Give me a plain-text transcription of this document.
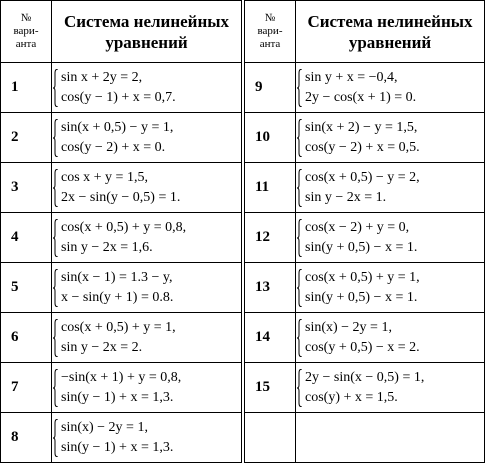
№
вари-
анта	Система нелинейных
уравнений

1	sin x + 2y = 2,
cos(y − 1) + x = 0,7.

2	sin(x + 0,5) − y = 1,
cos(y − 2) + x = 0.

3	cos x + y = 1,5,
2x − sin(y − 0,5) = 1.

4	cos(x + 0,5) + y = 0,8,
sin y − 2x = 1,6.

5	sin(x − 1) = 1.3 − y,
x − sin(y + 1) = 0.8.

6	cos(x + 0,5) + y = 1,
sin y − 2x = 2.

7	−sin(x + 1) + y = 0,8,
sin(y − 1) + x = 1,3.

8	sin(x) − 2y = 1,
sin(y − 1) + x = 1,3.
№
вари-
анта	Система нелинейных
уравнений

9	sin y + x = −0,4,
2y − cos(x + 1) = 0.

10	sin(x + 2) − y = 1,5,
cos(y − 2) + x = 0,5.

11	cos(x + 0,5) − y = 2,
sin y − 2x = 1.

12	cos(x − 2) + y = 0,
sin(y + 0,5) − x = 1.

13	cos(x + 0,5) + y = 1,
sin(y + 0,5) − x = 1.

14	sin(x) − 2y = 1,
cos(y + 0,5) − x = 2.

15	2y − sin(x − 0,5) = 1,
cos(y) + x = 1,5.
